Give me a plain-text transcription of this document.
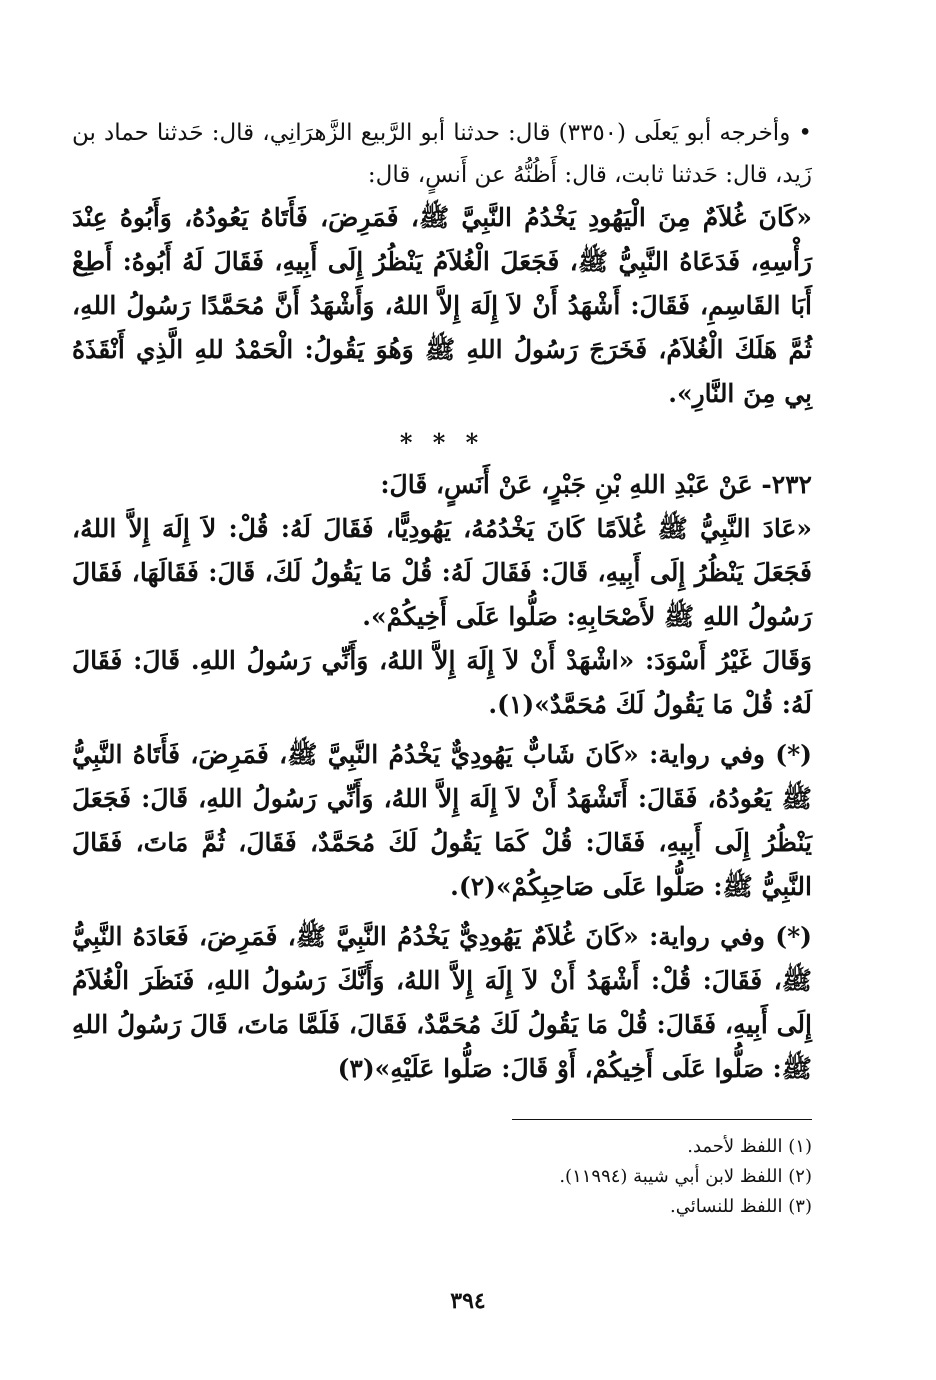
• وأخرجه أبو يَعلَى (٣٣٥٠) قال: حدثنا أبو الرَّبيع الزَّهرَانِي، قال: حَدثنا حماد بن زَيد، قال: حَدثنا ثابت، قال: أَظُنُّهُ عن أَنسٍ، قال:

«كَانَ غُلاَمٌ مِنَ الْيَهُودِ يَخْدُمُ النَّبِيَّ ﷺ، فَمَرِضَ، فَأَتَاهُ يَعُودُهُ، وَأَبُوهُ عِنْدَ رَأْسِهِ، فَدَعَاهُ النَّبِيُّ ﷺ، فَجَعَلَ الْغُلاَمُ يَنْظُرُ إِلَى أَبِيهِ، فَقَالَ لَهُ أَبُوهُ: أَطِعْ أَبَا القَاسِمِ، فَقَالَ: أَشْهَدُ أَنْ لاَ إِلَهَ إِلاَّ اللهُ، وَأَشْهَدُ أَنَّ مُحَمَّدًا رَسُولُ اللهِ، ثُمَّ هَلَكَ الْغُلاَمُ، فَخَرَجَ رَسُولُ اللهِ ﷺ وَهُوَ يَقُولُ: الْحَمْدُ للهِ الَّذِي أَنْقَذَهُ بِي مِنَ النَّارِ».

* * *

٢٣٢- عَنْ عَبْدِ اللهِ بْنِ جَبْرٍ، عَنْ أَنَسٍ، قَالَ:

«عَادَ النَّبِيُّ ﷺ غُلاَمًا كَانَ يَخْدُمُهُ، يَهُودِيًّا، فَقَالَ لَهُ: قُلْ: لاَ إِلَهَ إِلاَّ اللهُ، فَجَعَلَ يَنْظُرُ إِلَى أَبِيهِ، قَالَ: فَقَالَ لَهُ: قُلْ مَا يَقُولُ لَكَ، قَالَ: فَقَالَهَا، فَقَالَ رَسُولُ اللهِ ﷺ لأَصْحَابِهِ: صَلُّوا عَلَى أَخِيكُمْ».

وَقَالَ غَيْرُ أَسْوَدَ: «اشْهَدْ أَنْ لاَ إِلَهَ إِلاَّ اللهُ، وَأَنِّي رَسُولُ اللهِ. قَالَ: فَقَالَ لَهُ: قُلْ مَا يَقُولُ لَكَ مُحَمَّدٌ»(١).

(*) وفي رواية: «كَانَ شَابٌّ يَهُودِيٌّ يَخْدُمُ النَّبِيَّ ﷺ، فَمَرِضَ، فَأَتَاهُ النَّبِيُّ ﷺ يَعُودُهُ، فَقَالَ: أَتَشْهَدُ أَنْ لاَ إِلَهَ إِلاَّ اللهُ، وَأَنِّي رَسُولُ اللهِ، قَالَ: فَجَعَلَ يَنْظُرُ إِلَى أَبِيهِ، فَقَالَ: قُلْ كَمَا يَقُولُ لَكَ مُحَمَّدٌ، فَقَالَ، ثُمَّ مَاتَ، فَقَالَ النَّبِيُّ ﷺ: صَلُّوا عَلَى صَاحِبِكُمْ»(٢).

(*) وفي رواية: «كَانَ غُلاَمٌ يَهُودِيٌّ يَخْدُمُ النَّبِيَّ ﷺ، فَمَرِضَ، فَعَادَهُ النَّبِيُّ ﷺ، فَقَالَ: قُلْ: أَشْهَدُ أَنْ لاَ إِلَهَ إِلاَّ اللهُ، وَأَنَّكَ رَسُولُ اللهِ، فَنَظَرَ الْغُلاَمُ إِلَى أَبِيهِ، فَقَالَ: قُلْ مَا يَقُولُ لَكَ مُحَمَّدٌ، فَقَالَ، فَلَمَّا مَاتَ، قَالَ رَسُولُ اللهِ ﷺ: صَلُّوا عَلَى أَخِيكُمْ، أَوْ قَالَ: صَلُّوا عَلَيْهِ»(٣)

(١) اللفظ لأحمد.

(٢) اللفظ لابن أبي شيبة (١١٩٩٤).

(٣) اللفظ للنسائي.

٣٩٤
